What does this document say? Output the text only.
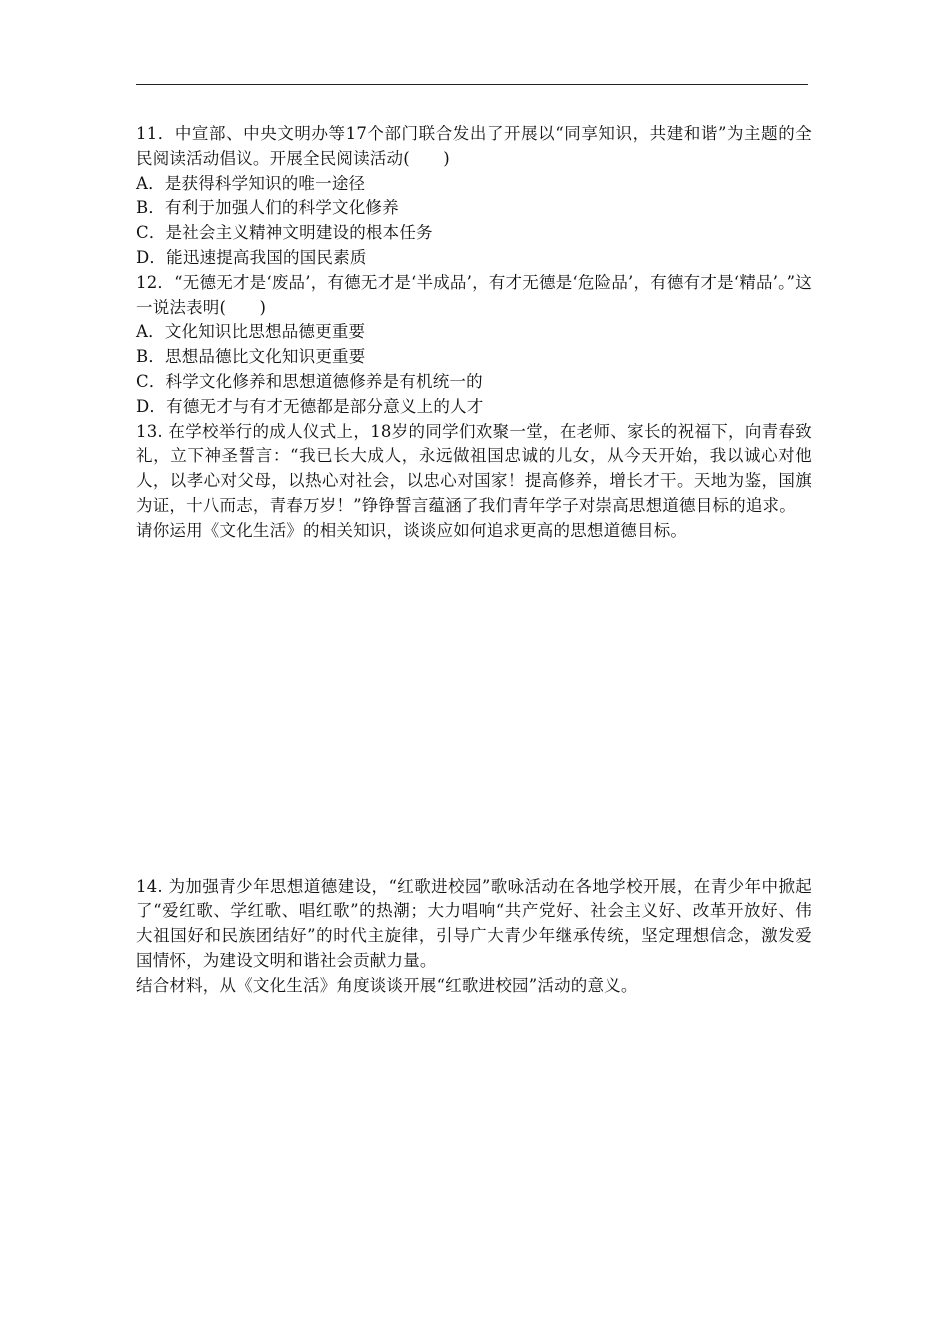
11．中宣部、中央文明办等17个部门联合发出了开展以“同享知识，共建和谐”为主题的全民阅读活动倡议。开展全民阅读活动(　　)

A．是获得科学知识的唯一途径

B．有利于加强人们的科学文化修养

C．是社会主义精神文明建设的根本任务

D．能迅速提高我国的国民素质

12．“无德无才是‘废品’，有德无才是‘半成品’，有才无德是‘危险品’，有德有才是‘精品’。”这一说法表明(　　)

A．文化知识比思想品德更重要

B．思想品德比文化知识更重要

C．科学文化修养和思想道德修养是有机统一的

D．有德无才与有才无德都是部分意义上的人才

13. 在学校举行的成人仪式上，18岁的同学们欢聚一堂，在老师、家长的祝福下，向青春致礼，立下神圣誓言：“我已长大成人，永远做祖国忠诚的儿女，从今天开始，我以诚心对他人，以孝心对父母，以热心对社会，以忠心对国家！提高修养，增长才干。天地为鉴，国旗为证，十八而志，青春万岁！”铮铮誓言蕴涵了我们青年学子对崇高思想道德目标的追求。

请你运用《文化生活》的相关知识，谈谈应如何追求更高的思想道德目标。

14. 为加强青少年思想道德建设，“红歌进校园”歌咏活动在各地学校开展，在青少年中掀起了“爱红歌、学红歌、唱红歌”的热潮；大力唱响“共产党好、社会主义好、改革开放好、伟大祖国好和民族团结好”的时代主旋律，引导广大青少年继承传统，坚定理想信念，激发爱国情怀，为建设文明和谐社会贡献力量。

结合材料，从《文化生活》角度谈谈开展“红歌进校园”活动的意义。
